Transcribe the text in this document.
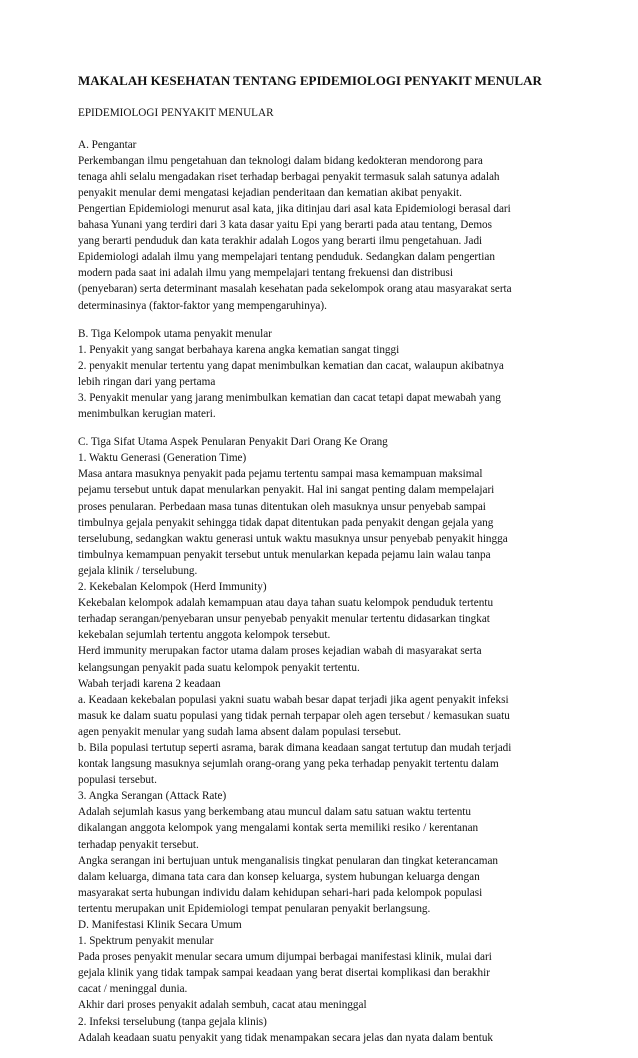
MAKALAH KESEHATAN TENTANG EPIDEMIOLOGI PENYAKIT MENULAR
EPIDEMIOLOGI PENYAKIT MENULAR
A. Pengantar
Perkembangan ilmu pengetahuan dan teknologi dalam bidang kedokteran mendorong para
tenaga ahli selalu mengadakan riset terhadap berbagai penyakit termasuk salah satunya adalah
penyakit menular demi mengatasi kejadian penderitaan dan kematian akibat penyakit.
Pengertian Epidemiologi menurut asal kata, jika ditinjau dari asal kata Epidemiologi berasal dari
bahasa Yunani yang terdiri dari 3 kata dasar yaitu Epi yang berarti pada atau tentang, Demos
yang berarti penduduk dan kata terakhir adalah Logos yang berarti ilmu pengetahuan. Jadi
Epidemiologi adalah ilmu yang mempelajari tentang penduduk. Sedangkan dalam pengertian
modern pada saat ini adalah ilmu yang mempelajari tentang frekuensi dan distribusi
(penyebaran) serta determinant masalah kesehatan pada sekelompok orang atau masyarakat serta
determinasinya (faktor-faktor yang mempengaruhinya).
B. Tiga Kelompok utama penyakit menular
1. Penyakit yang sangat berbahaya karena angka kematian sangat tinggi
2. penyakit menular tertentu yang dapat menimbulkan kematian dan cacat, walaupun akibatnya
lebih ringan dari yang pertama
3. Penyakit menular yang jarang menimbulkan kematian dan cacat tetapi dapat mewabah yang
menimbulkan kerugian materi.
C. Tiga Sifat Utama Aspek Penularan Penyakit Dari Orang Ke Orang
1. Waktu Generasi (Generation Time)
Masa antara masuknya penyakit pada pejamu tertentu sampai masa kemampuan maksimal
pejamu tersebut untuk dapat menularkan penyakit. Hal ini sangat penting dalam mempelajari
proses penularan. Perbedaan masa tunas ditentukan oleh masuknya unsur penyebab sampai
timbulnya gejala penyakit sehingga tidak dapat ditentukan pada penyakit dengan gejala yang
terselubung, sedangkan waktu generasi untuk waktu masuknya unsur penyebab penyakit hingga
timbulnya kemampuan penyakit tersebut untuk menularkan kepada pejamu lain walau tanpa
gejala klinik / terselubung.
2. Kekebalan Kelompok (Herd Immunity)
Kekebalan kelompok adalah kemampuan atau daya tahan suatu kelompok penduduk tertentu
terhadap serangan/penyebaran unsur penyebab penyakit menular tertentu didasarkan tingkat
kekebalan sejumlah tertentu anggota kelompok tersebut.
Herd immunity merupakan factor utama dalam proses kejadian wabah di masyarakat serta
kelangsungan penyakit pada suatu kelompok penyakit tertentu.
Wabah terjadi karena 2 keadaan
a. Keadaan kekebalan populasi yakni suatu wabah besar dapat terjadi jika agent penyakit infeksi
masuk ke dalam suatu populasi yang tidak pernah terpapar oleh agen tersebut / kemasukan suatu
agen penyakit menular yang sudah lama absent dalam populasi tersebut.
b. Bila populasi tertutup seperti asrama, barak dimana keadaan sangat tertutup dan mudah terjadi
kontak langsung masuknya sejumlah orang-orang yang peka terhadap penyakit tertentu dalam
populasi tersebut.
3. Angka Serangan (Attack Rate)
Adalah sejumlah kasus yang berkembang atau muncul dalam satu satuan waktu tertentu
dikalangan anggota kelompok yang mengalami kontak serta memiliki resiko / kerentanan
terhadap penyakit tersebut.
Angka serangan ini bertujuan untuk menganalisis tingkat penularan dan tingkat keterancaman
dalam keluarga, dimana tata cara dan konsep keluarga, system hubungan keluarga dengan
masyarakat serta hubungan individu dalam kehidupan sehari-hari pada kelompok populasi
tertentu merupakan unit Epidemiologi tempat penularan penyakit berlangsung.
D. Manifestasi Klinik Secara Umum
1. Spektrum penyakit menular
Pada proses penyakit menular secara umum dijumpai berbagai manifestasi klinik, mulai dari
gejala klinik yang tidak tampak sampai keadaan yang berat disertai komplikasi dan berakhir
cacat / meninggal dunia.
Akhir dari proses penyakit adalah sembuh, cacat atau meninggal
2. Infeksi terselubung (tanpa gejala klinis)
Adalah keadaan suatu penyakit yang tidak menampakan secara jelas dan nyata dalam bentuk
